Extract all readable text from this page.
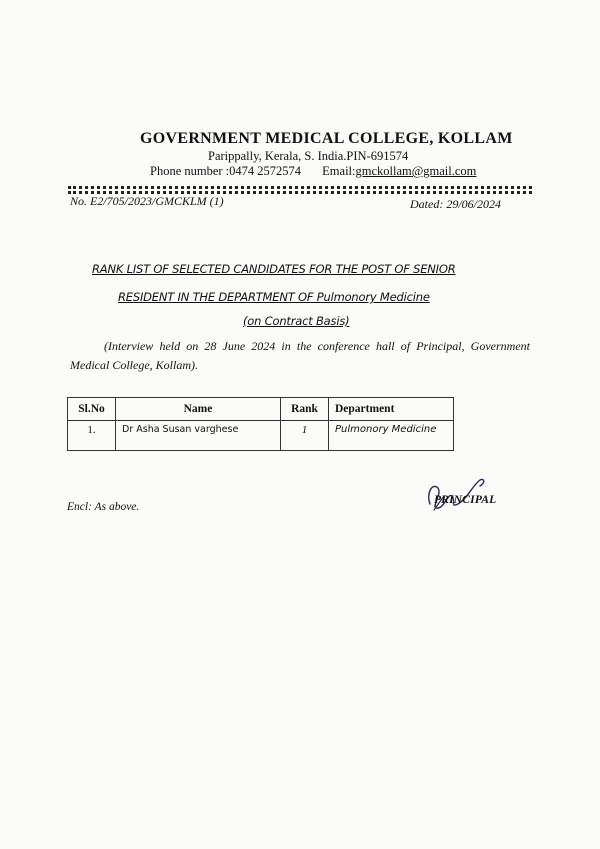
GOVERNMENT MEDICAL COLLEGE, KOLLAM
Parippally, Kerala, S. India.PIN-691574
Phone number :0474 2572574 Email:gmckollam@gmail.com
No. E2/705/2023/GMCKLM (1)	Dated: 29/06/2024
RANK LIST OF SELECTED CANDIDATES FOR THE POST OF SENIOR
RESIDENT IN THE DEPARTMENT OF Pulmonory Medicine
(on Contract Basis)
(Interview held on 28 June 2024 in the conference hall of Principal, Government Medical College, Kollam).
Sl.No	Name	Rank	Department
1.	Dr Asha Susan varghese	1	Pulmonory Medicine
Encl: As above.
PRINCIPAL
